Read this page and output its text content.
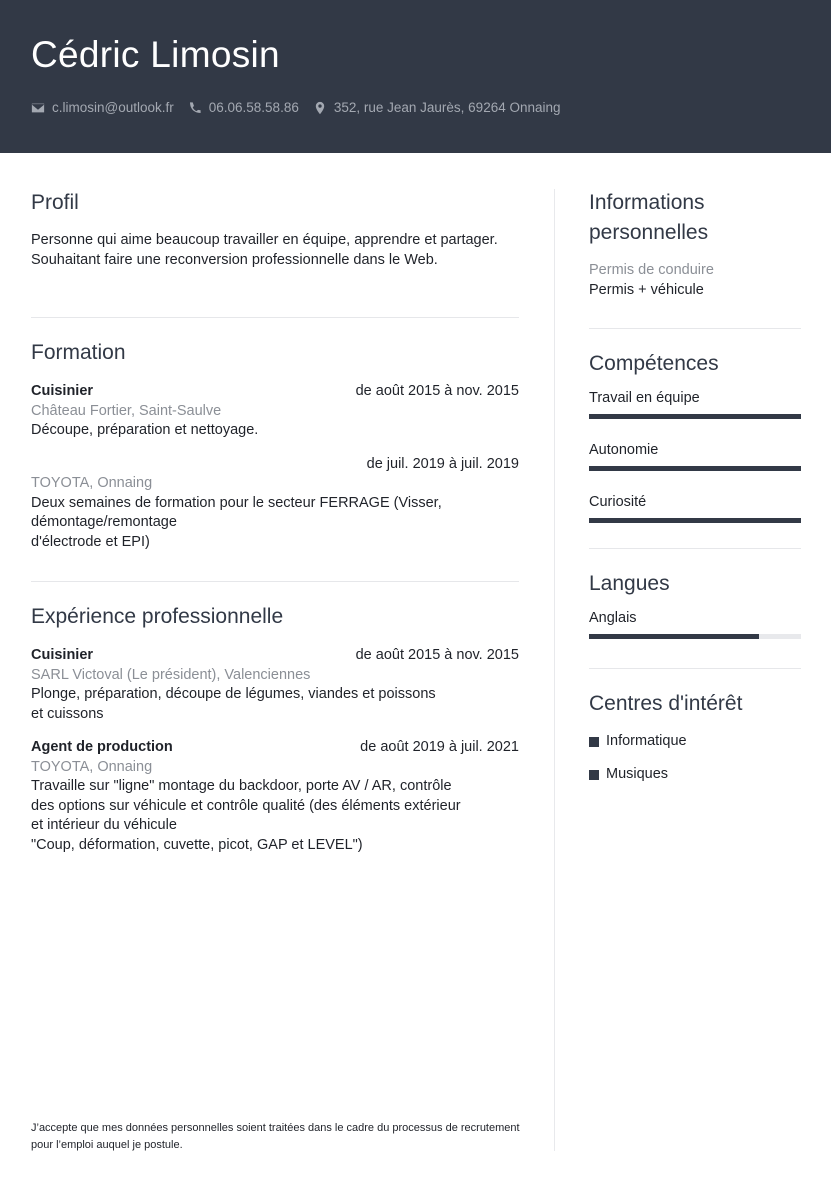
Cédric Limosin
c.limosin@outlook.fr	06.06.58.58.86	352, rue Jean Jaurès, 69264 Onnaing
Profil
Personne qui aime beaucoup travailler en équipe, apprendre et partager.
Souhaitant faire une reconversion professionnelle dans le Web.
Formation
Cuisinier	de août 2015 à nov. 2015
Château Fortier, Saint-Saulve
Découpe, préparation et nettoyage.
de juil. 2019 à juil. 2019
TOYOTA, Onnaing
Deux semaines de formation pour le secteur FERRAGE (Visser,
démontage/remontage
d'électrode et EPI)
Expérience professionnelle
Cuisinier	de août 2015 à nov. 2015
SARL Victoval (Le président), Valenciennes
Plonge, préparation, découpe de légumes, viandes et poissons
et cuissons
Agent de production	de août 2019 à juil. 2021
TOYOTA, Onnaing
Travaille sur "ligne" montage du backdoor, porte AV / AR, contrôle
des options sur véhicule et contrôle qualité (des éléments extérieur
et intérieur du véhicule
"Coup, déformation, cuvette, picot, GAP et LEVEL")
Informations personnelles
Permis de conduire
Permis + véhicule
Compétences
Travail en équipe
Autonomie
Curiosité
Langues
Anglais
Centres d'intérêt
Informatique
Musiques
J’accepte que mes données personnelles soient traitées dans le cadre du processus de recrutement pour l’emploi auquel je postule.
